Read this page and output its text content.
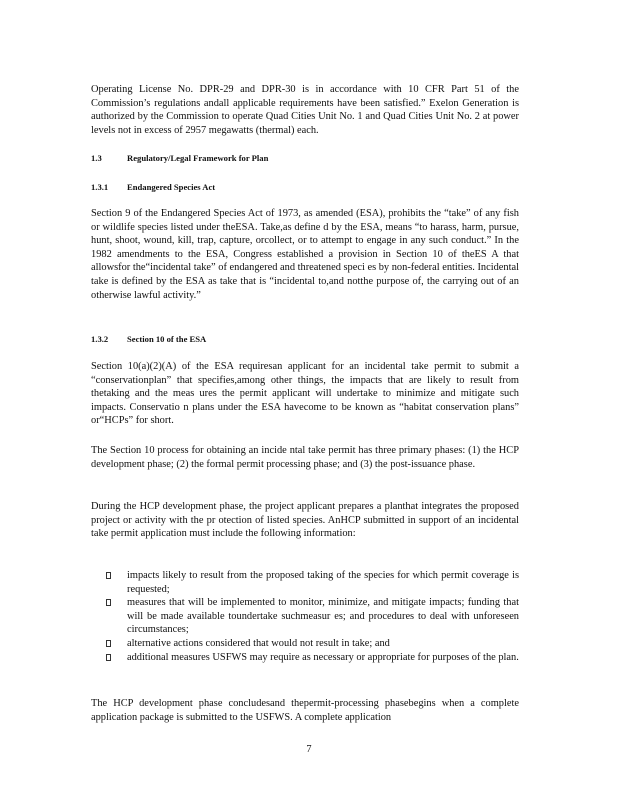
Operating License No. DPR-29 and DPR-30 is in accordance with 10 CFR Part 51 of the Commission’s regulations andall applicable requirements have been satisfied.” Exelon Generation is authorized by the Commission to operate Quad Cities Unit No. 1 and Quad Cities Unit No. 2 at power levels not in excess of 2957 megawatts (thermal) each.
1.3	Regulatory/Legal Framework for Plan
1.3.1 Endangered Species Act
Section 9 of the Endangered Species Act of 1973, as amended (ESA), prohibits the “take” of any fish or wildlife species listed under theESA. Take,as define d by the ESA, means “to harass, harm, pursue, hunt, shoot, wound, kill, trap, capture, orcollect, or to attempt to engage in any such conduct.” In the 1982 amendments to the ESA, Congress established a provision in Section 10 of theES A that allowsfor the“incidental take” of endangered and threatened speci es by non-federal entities. Incidental take is defined by the ESA as take that is “incidental to,and notthe purpose of, the carrying out of an otherwise lawful activity.”
1.3.2 Section 10 of the ESA
Section 10(a)(2)(A) of the ESA requiresan applicant for an incidental take permit to submit a “conservationplan” that specifies,among other things, the impacts that are likely to result from thetaking and the meas ures the permit applicant will undertake to minimize and mitigate such impacts. Conservatio n plans under the ESA havecome to be known as “habitat conservation plans” or“HCPs” for short.
The Section 10 process for obtaining an incide ntal take permit has three primary phases: (1) the HCP development phase; (2) the formal permit processing phase; and (3) the post-issuance phase.
During the HCP development phase, the project applicant prepares a planthat integrates the proposed project or activity with the pr otection of listed species. AnHCP submitted in support of an incidental take permit application must include the following information:
impacts likely to result from the proposed taking of the species for which permit coverage is requested;
measures that will be implemented to monitor, minimize, and mitigate impacts; funding that will be made available toundertake suchmeasur es; and procedures to deal with unforeseen circumstances;
alternative actions considered that would not result in take; and
additional measures USFWS may require as necessary or appropriate for purposes of the plan.
The HCP development phase concludesand thepermit-processing phasebegins when a complete application package is submitted to the USFWS. A complete application
7
